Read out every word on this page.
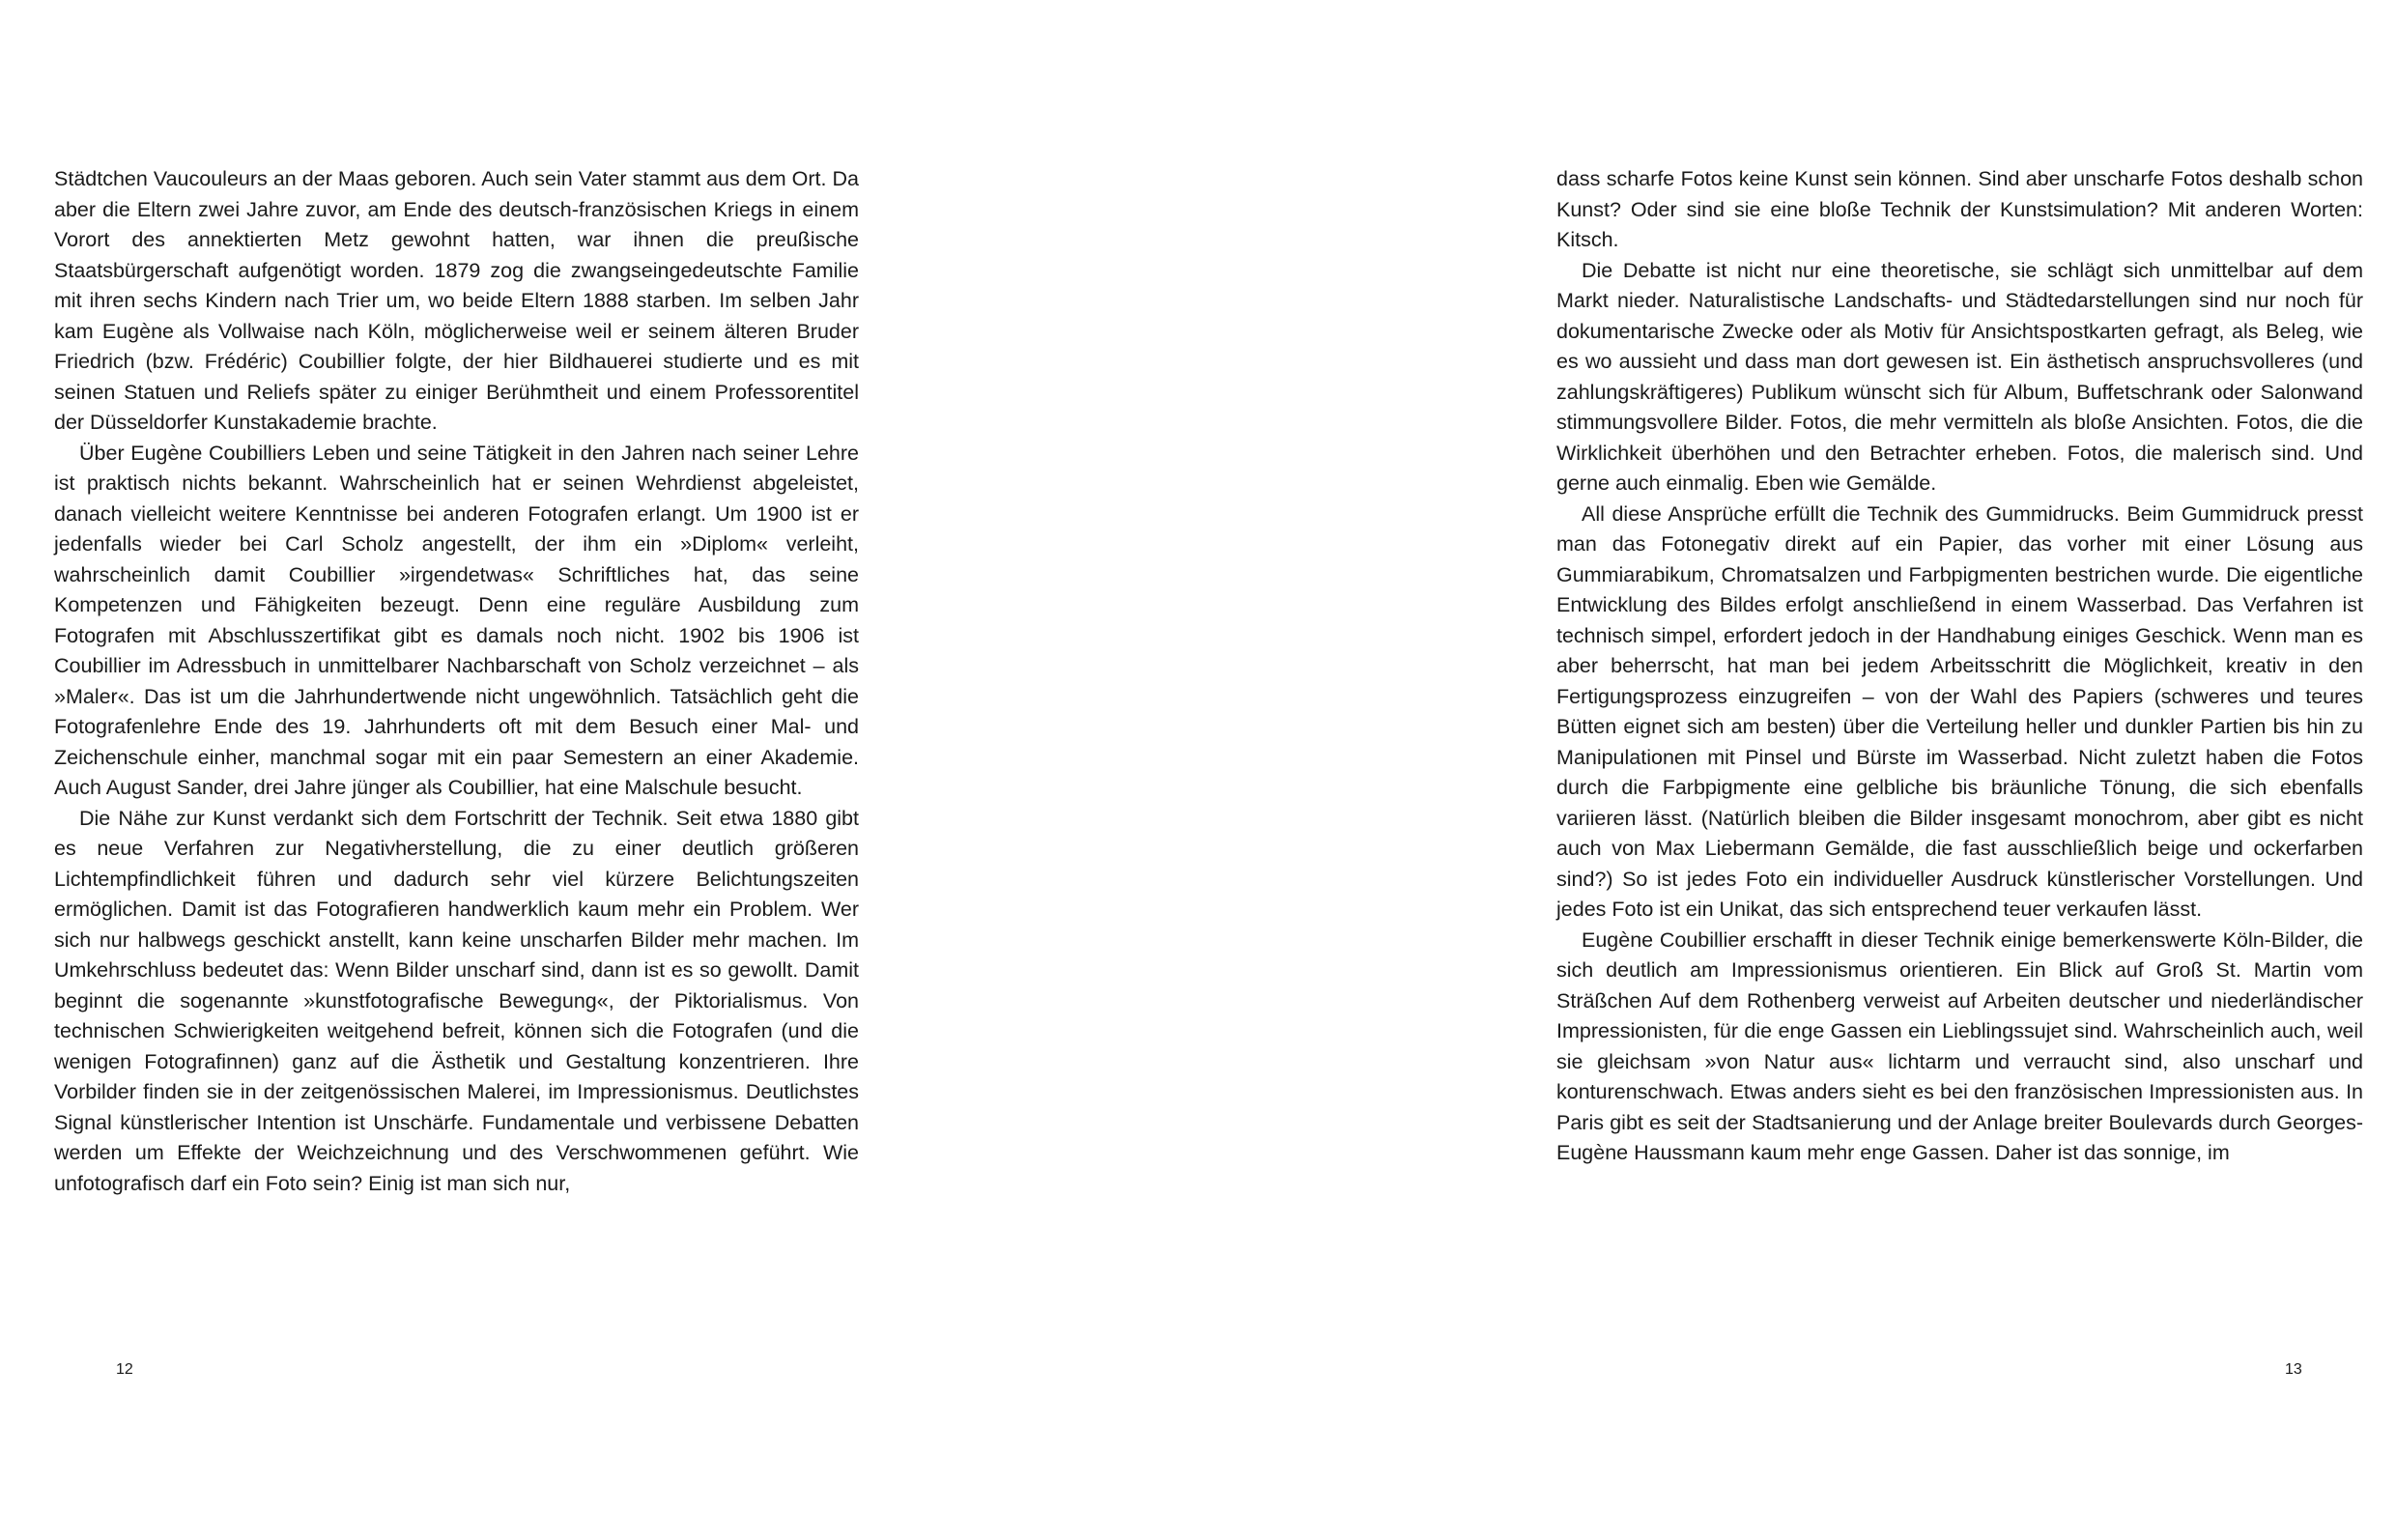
Städtchen Vaucouleurs an der Maas geboren. Auch sein Vater stammt aus dem Ort. Da aber die Eltern zwei Jahre zuvor, am Ende des deutsch-französischen Kriegs in einem Vorort des annektierten Metz gewohnt hatten, war ihnen die preußische Staatsbürgerschaft aufgenötigt worden. 1879 zog die zwangseingedeutschte Familie mit ihren sechs Kindern nach Trier um, wo beide Eltern 1888 starben. Im selben Jahr kam Eugène als Vollwaise nach Köln, möglicherweise weil er seinem älteren Bruder Friedrich (bzw. Frédéric) Coubillier folgte, der hier Bildhauerei studierte und es mit seinen Statuen und Reliefs später zu einiger Berühmtheit und einem Professorentitel der Düsseldorfer Kunstakademie brachte.

Über Eugène Coubilliers Leben und seine Tätigkeit in den Jahren nach seiner Lehre ist praktisch nichts bekannt. Wahrscheinlich hat er seinen Wehrdienst abgeleistet, danach vielleicht weitere Kenntnisse bei anderen Fotografen erlangt. Um 1900 ist er jedenfalls wieder bei Carl Scholz angestellt, der ihm ein »Diplom« verleiht, wahrscheinlich damit Coubillier »irgendetwas« Schriftliches hat, das seine Kompetenzen und Fähigkeiten bezeugt. Denn eine reguläre Ausbildung zum Fotografen mit Abschlusszertifikat gibt es damals noch nicht. 1902 bis 1906 ist Coubillier im Adressbuch in unmittelbarer Nachbarschaft von Scholz verzeichnet – als »Maler«. Das ist um die Jahrhundertwende nicht ungewöhnlich. Tatsächlich geht die Fotografenlehre Ende des 19. Jahrhunderts oft mit dem Besuch einer Mal- und Zeichenschule einher, manchmal sogar mit ein paar Semestern an einer Akademie. Auch August Sander, drei Jahre jünger als Coubillier, hat eine Malschule besucht.

Die Nähe zur Kunst verdankt sich dem Fortschritt der Technik. Seit etwa 1880 gibt es neue Verfahren zur Negativherstellung, die zu einer deutlich größeren Lichtempfindlichkeit führen und dadurch sehr viel kürzere Belichtungszeiten ermöglichen. Damit ist das Fotografieren handwerklich kaum mehr ein Problem. Wer sich nur halbwegs geschickt anstellt, kann keine unscharfen Bilder mehr machen. Im Umkehrschluss bedeutet das: Wenn Bilder unscharf sind, dann ist es so gewollt. Damit beginnt die sogenannte »kunstfotografische Bewegung«, der Piktorialismus. Von technischen Schwierigkeiten weitgehend befreit, können sich die Fotografen (und die wenigen Fotografinnen) ganz auf die Ästhetik und Gestaltung konzentrieren. Ihre Vorbilder finden sie in der zeitgenössischen Malerei, im Impressionismus. Deutlichstes Signal künstlerischer Intention ist Unschärfe. Fundamentale und verbissene Debatten werden um Effekte der Weichzeichnung und des Verschwommenen geführt. Wie unfotografisch darf ein Foto sein? Einig ist man sich nur,

12

dass scharfe Fotos keine Kunst sein können. Sind aber unscharfe Fotos deshalb schon Kunst? Oder sind sie eine bloße Technik der Kunstsimulation? Mit anderen Worten: Kitsch.

Die Debatte ist nicht nur eine theoretische, sie schlägt sich unmittelbar auf dem Markt nieder. Naturalistische Landschafts- und Städtedarstellungen sind nur noch für dokumentarische Zwecke oder als Motiv für Ansichtspostkarten gefragt, als Beleg, wie es wo aussieht und dass man dort gewesen ist. Ein ästhetisch anspruchsvolleres (und zahlungskräftigeres) Publikum wünscht sich für Album, Buffetschrank oder Salonwand stimmungsvollere Bilder. Fotos, die mehr vermitteln als bloße Ansichten. Fotos, die die Wirklichkeit überhöhen und den Betrachter erheben. Fotos, die malerisch sind. Und gerne auch einmalig. Eben wie Gemälde.

All diese Ansprüche erfüllt die Technik des Gummidrucks. Beim Gummidruck presst man das Fotonegativ direkt auf ein Papier, das vorher mit einer Lösung aus Gummiarabikum, Chromatsalzen und Farbpigmenten bestrichen wurde. Die eigentliche Entwicklung des Bildes erfolgt anschließend in einem Wasserbad. Das Verfahren ist technisch simpel, erfordert jedoch in der Handhabung einiges Geschick. Wenn man es aber beherrscht, hat man bei jedem Arbeitsschritt die Möglichkeit, kreativ in den Fertigungsprozess einzugreifen – von der Wahl des Papiers (schweres und teures Bütten eignet sich am besten) über die Verteilung heller und dunkler Partien bis hin zu Manipulationen mit Pinsel und Bürste im Wasserbad. Nicht zuletzt haben die Fotos durch die Farbpigmente eine gelbliche bis bräunliche Tönung, die sich ebenfalls variieren lässt. (Natürlich bleiben die Bilder insgesamt monochrom, aber gibt es nicht auch von Max Liebermann Gemälde, die fast ausschließlich beige und ockerfarben sind?) So ist jedes Foto ein individueller Ausdruck künstlerischer Vorstellungen. Und jedes Foto ist ein Unikat, das sich entsprechend teuer verkaufen lässt.

Eugène Coubillier erschafft in dieser Technik einige bemerkenswerte Köln-Bilder, die sich deutlich am Impressionismus orientieren. Ein Blick auf Groß St. Martin vom Sträßchen Auf dem Rothenberg verweist auf Arbeiten deutscher und niederländischer Impressionisten, für die enge Gassen ein Lieblingssujet sind. Wahrscheinlich auch, weil sie gleichsam »von Natur aus« lichtarm und verraucht sind, also unscharf und konturenschwach. Etwas anders sieht es bei den französischen Impressionisten aus. In Paris gibt es seit der Stadtsanierung und der Anlage breiter Boulevards durch Georges-Eugène Haussmann kaum mehr enge Gassen. Daher ist das sonnige, im

13
